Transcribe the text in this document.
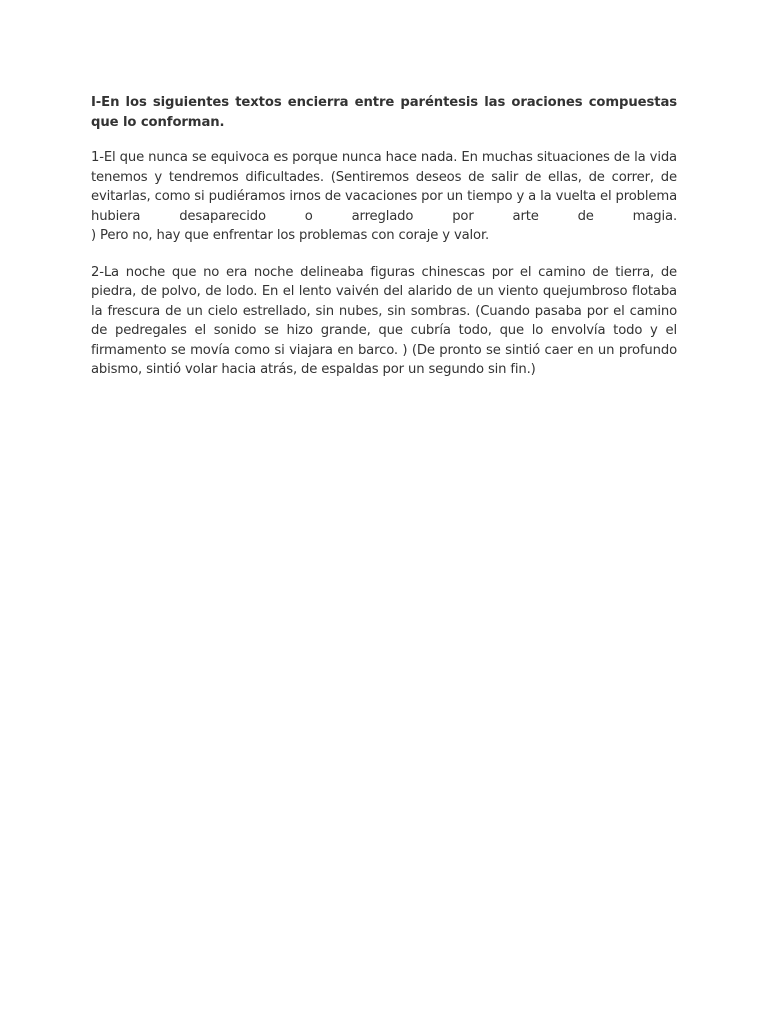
I-En los siguientes textos encierra entre paréntesis las oraciones compuestas que lo conforman.

1-El que nunca se equivoca es porque nunca hace nada. En muchas situaciones de la vida tenemos y tendremos dificultades. (Sentiremos deseos de salir de ellas, de correr, de evitarlas, como si pudiéramos irnos de vacaciones por un tiempo y a la vuelta el problema hubiera desaparecido o arreglado por arte de magia.
) Pero no, hay que enfrentar los problemas con coraje y valor.

2-La noche que no era noche delineaba figuras chinescas por el camino de tierra, de piedra, de polvo, de lodo. En el lento vaivén del alarido de un viento quejumbroso flotaba la frescura de un cielo estrellado, sin nubes, sin sombras. (Cuando pasaba por el camino de pedregales el sonido se hizo grande, que cubría todo, que lo envolvía todo y el firmamento se movía como si viajara en barco. ) (De pronto se sintió caer en un profundo abismo, sintió volar hacia atrás, de espaldas por un segundo sin fin.)
